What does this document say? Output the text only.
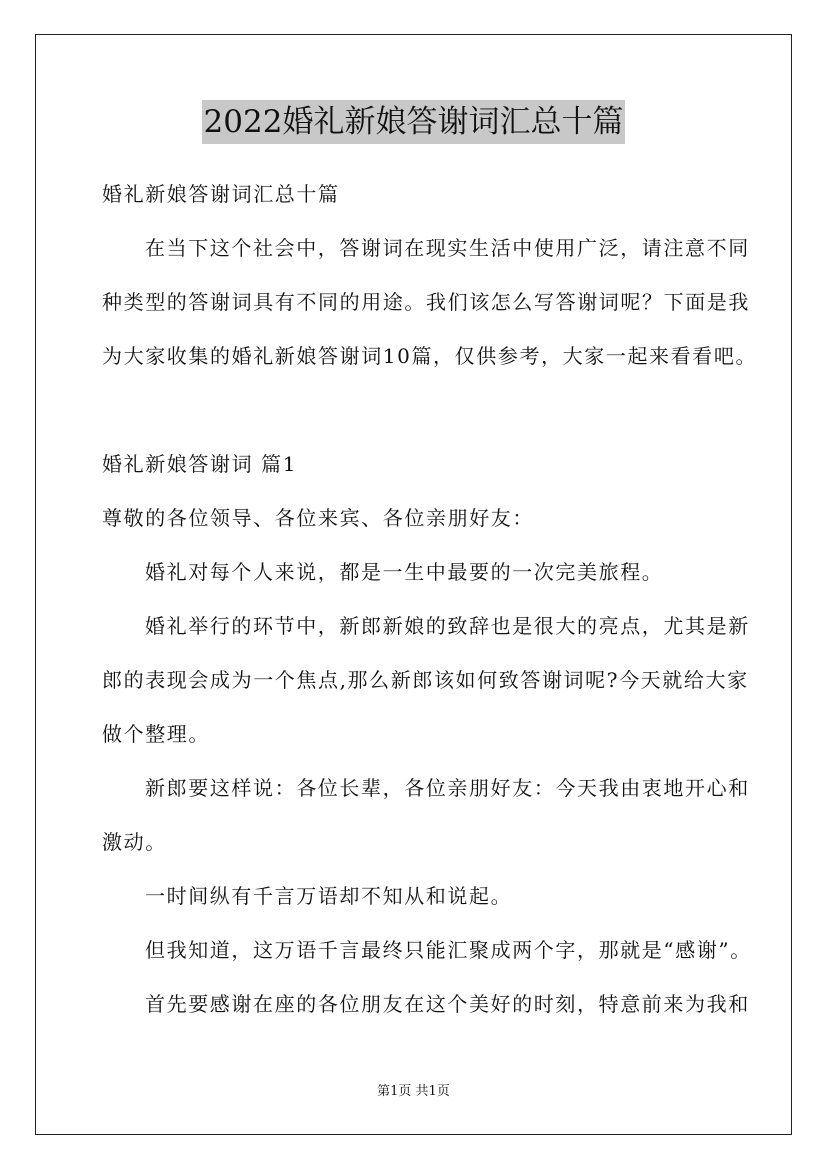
2022婚礼新娘答谢词汇总十篇

婚礼新娘答谢词汇总十篇

在当下这个社会中，答谢词在现实生活中使用广泛，请注意不同

种类型的答谢词具有不同的用途。我们该怎么写答谢词呢？下面是我

为大家收集的婚礼新娘答谢词10篇，仅供参考，大家一起来看看吧。

婚礼新娘答谢词 篇1

尊敬的各位领导、各位来宾、各位亲朋好友：

婚礼对每个人来说，都是一生中最要的一次完美旅程。

婚礼举行的环节中，新郎新娘的致辞也是很大的亮点，尤其是新

郎的表现会成为一个焦点,那么新郎该如何致答谢词呢?今天就给大家

做个整理。

新郎要这样说：各位长辈，各位亲朋好友：今天我由衷地开心和

激动。

一时间纵有千言万语却不知从和说起。

但我知道，这万语千言最终只能汇聚成两个字，那就是“感谢”。

首先要感谢在座的各位朋友在这个美好的时刻，特意前来为我和

第1页 共1页
